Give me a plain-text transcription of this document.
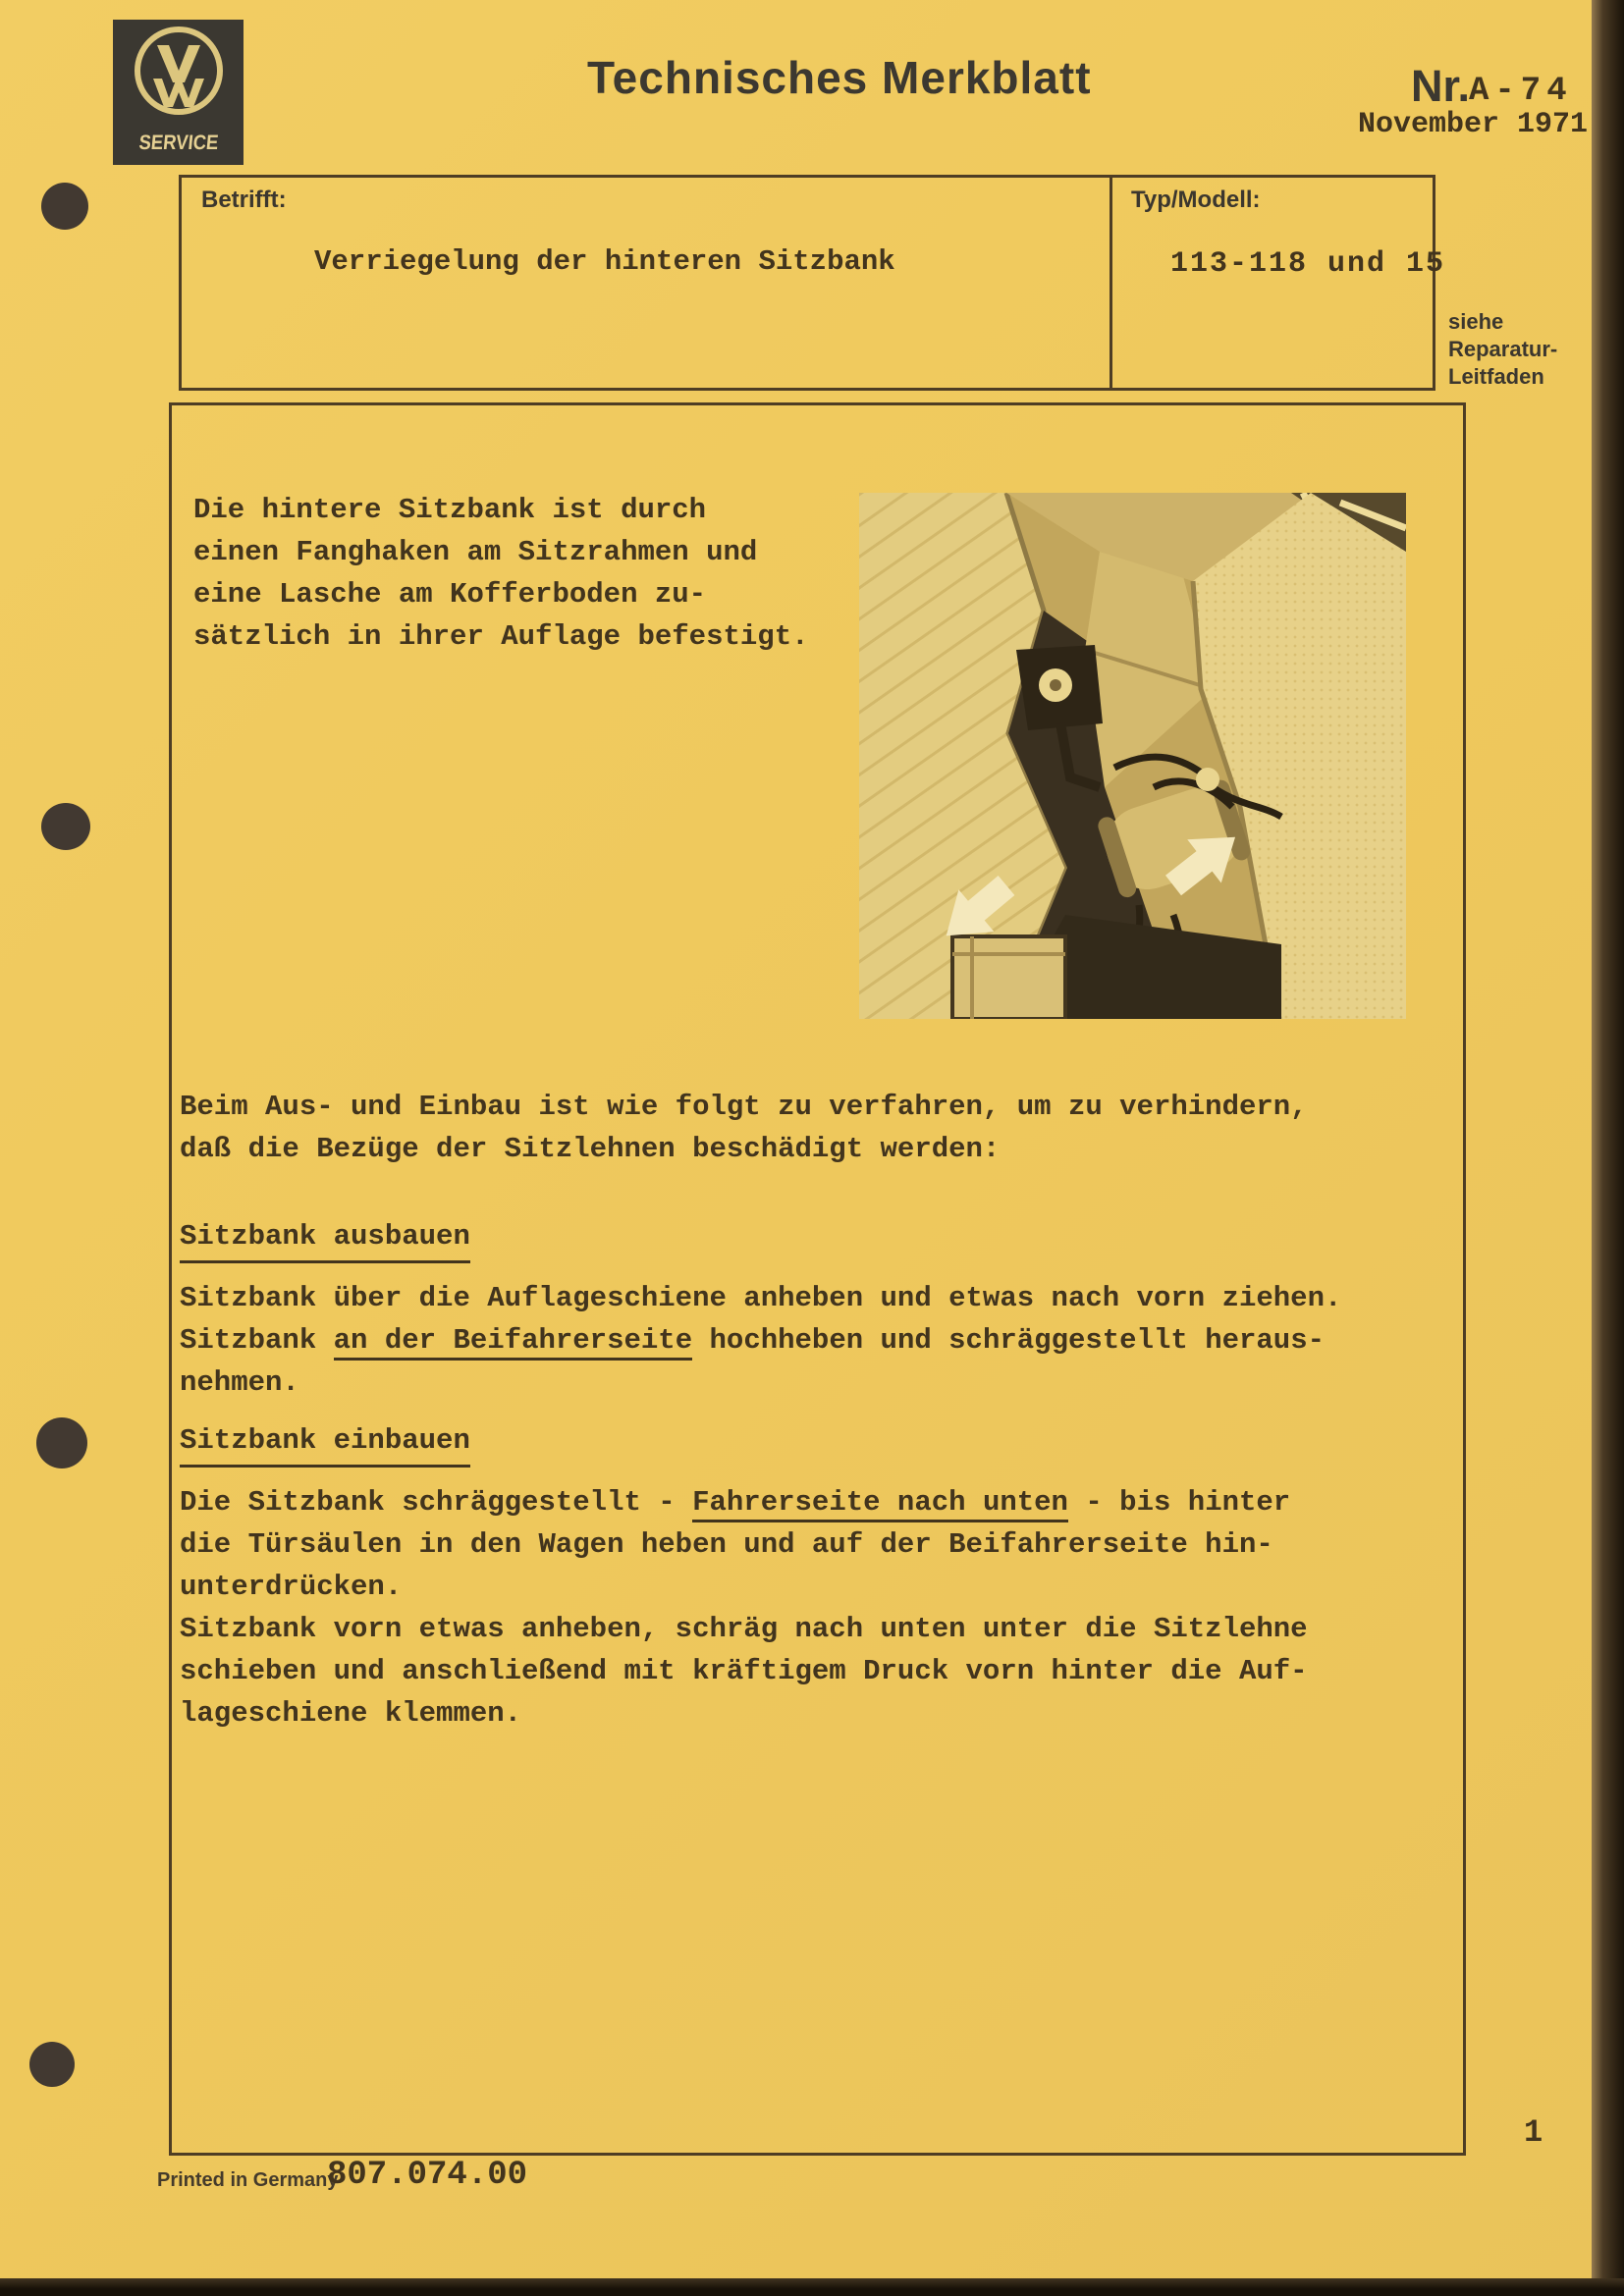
SERVICE
Technisches Merkblatt	Nr.
A-74
November 1971
Betrifft:
Verriegelung der hinteren Sitzbank
Typ/Modell:
113-118 und 15
siehe
Reparatur-
Leitfaden
Die hintere Sitzbank ist durch
einen Fanghaken am Sitzrahmen und
eine Lasche am Kofferboden zu-
sätzlich in ihrer Auflage befestigt.
Beim Aus- und Einbau ist wie folgt zu verfahren, um zu verhindern,
daß die Bezüge der Sitzlehnen beschädigt werden:
Sitzbank ausbauen
Sitzbank über die Auflageschiene anheben und etwas nach vorn ziehen.
Sitzbank an der Beifahrerseite hochheben und schräggestellt heraus-
nehmen.
Sitzbank einbauen
Die Sitzbank schräggestellt - Fahrerseite nach unten - bis hinter
die Türsäulen in den Wagen heben und auf der Beifahrerseite hin-
unterdrücken.
Sitzbank vorn etwas anheben, schräg nach unten unter die Sitzlehne
schieben und anschließend mit kräftigem Druck vorn hinter die Auf-
lageschiene klemmen.
Printed in Germany
807.074.00
1
